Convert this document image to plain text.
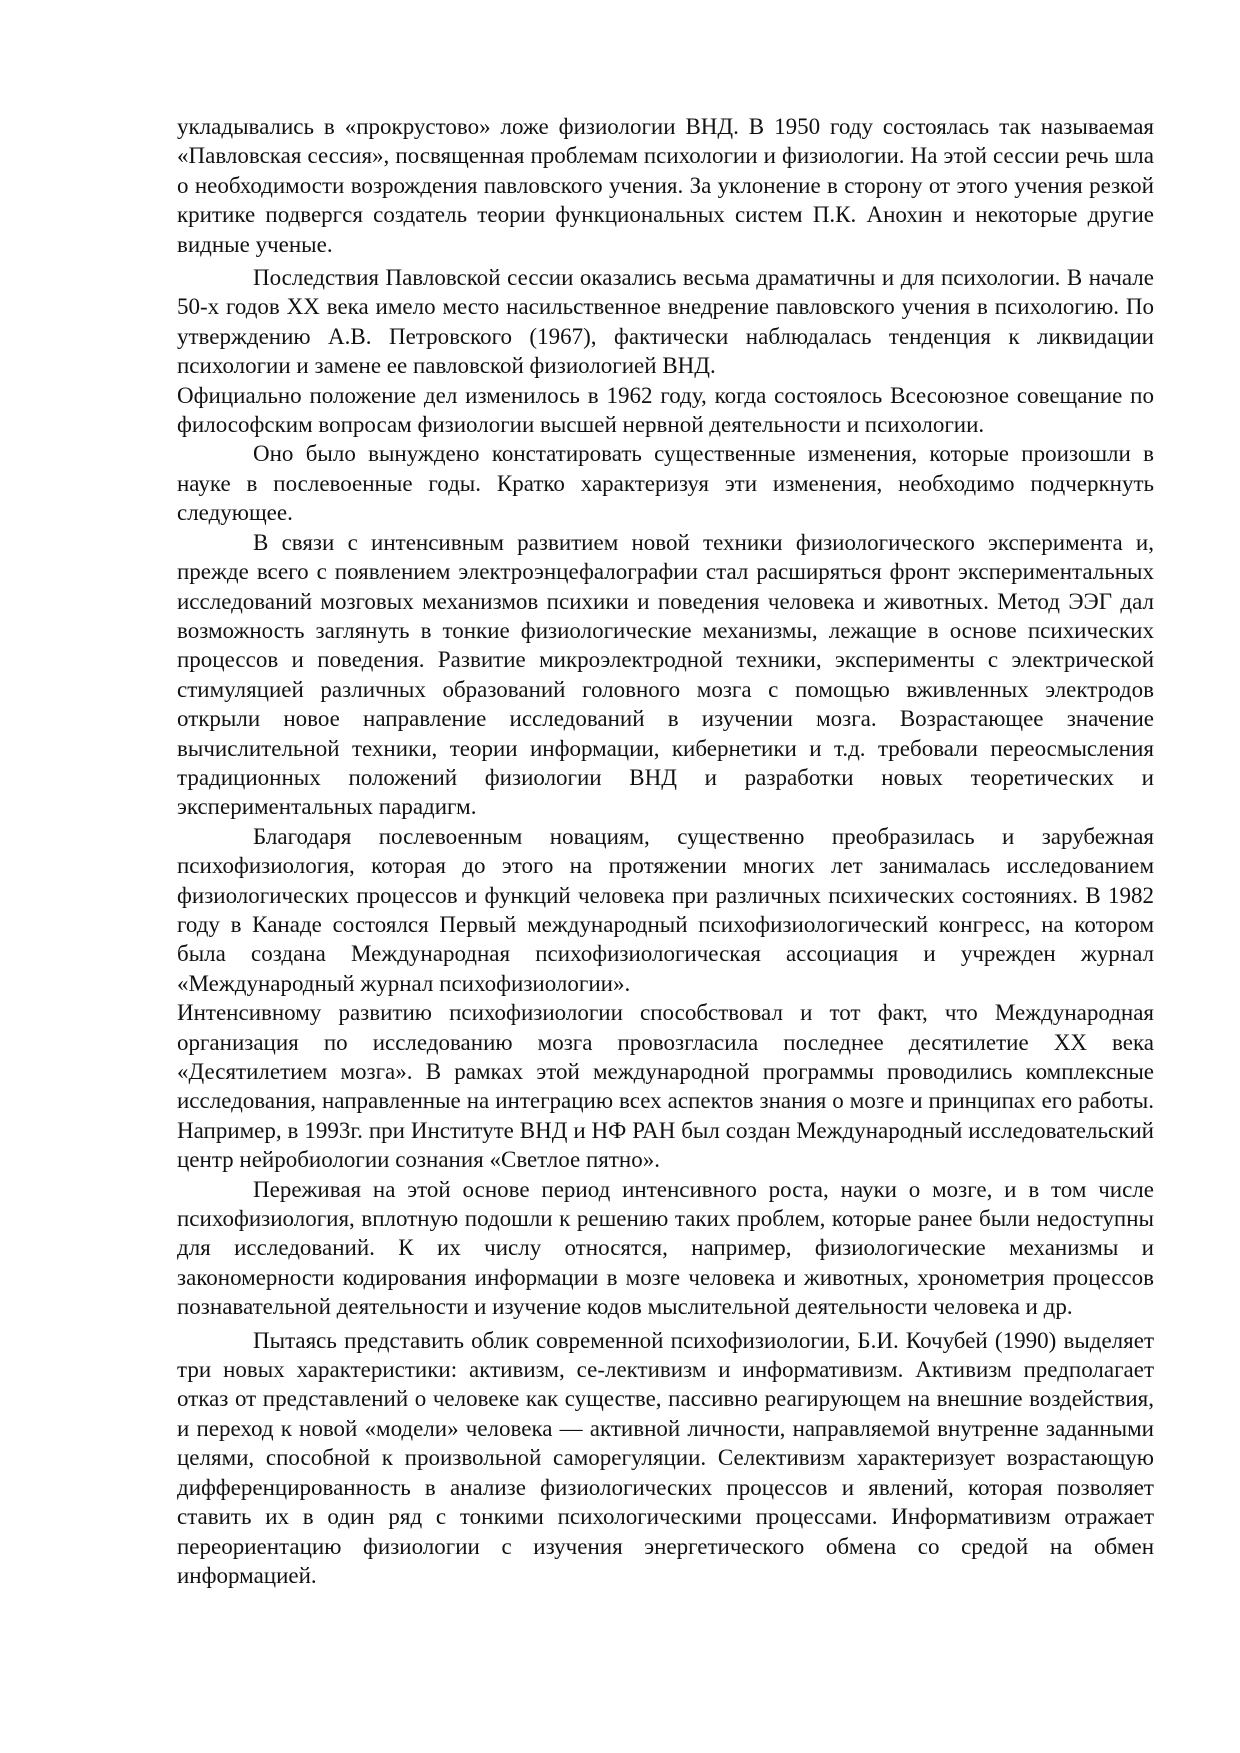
укладывались в «прокрустово» ложе физиологии ВНД. В 1950 году состоялась так называемая «Павловская сессия», посвященная проблемам психологии и физиологии. На этой сессии речь шла о необходимости возрождения павловского учения. За уклонение в сторону от этого учения резкой критике подвергся создатель теории функциональных систем П.К. Анохин и некоторые другие видные ученые.

Последствия Павловской сессии оказались весьма драматичны и для психологии. В начале 50-х годов XX века имело место насильственное внедрение павловского учения в психологию. По утверждению А.В. Петровского (1967), фактически наблюдалась тенденция к ликвидации психологии и замене ее павловской физиологией ВНД.

Официально положение дел изменилось в 1962 году, когда состоялось Всесоюзное совещание по философским вопросам физиологии высшей нервной деятельности и психологии.

Оно было вынуждено констатировать существенные изменения, которые произошли в науке в послевоенные годы. Кратко характеризуя эти изменения, необходимо подчеркнуть следующее.

В связи с интенсивным развитием новой техники физиологического эксперимента и, прежде всего с появлением электроэнцефалографии стал расширяться фронт экспериментальных исследований мозговых механизмов психики и поведения человека и животных. Метод ЭЭГ дал возможность заглянуть в тонкие физиологические механизмы, лежащие в основе психических процессов и поведения. Развитие микроэлектродной техники, эксперименты с электрической стимуляцией различных образований головного мозга с помощью вживленных электродов открыли новое направление исследований в изучении мозга. Возрастающее значение вычислительной техники, теории информации, кибернетики и т.д. требовали переосмысления традиционных положений физиологии ВНД и разработки новых теоретических и экспериментальных парадигм.

Благодаря послевоенным новациям, существенно преобразилась и зарубежная психофизиология, которая до этого на протяжении многих лет занималась исследованием физиологических процессов и функций человека при различных психических состояниях. В 1982 году в Канаде состоялся Первый международный психофизиологический конгресс, на котором была создана Международная психофизиологическая ассоциация и учрежден журнал «Международный журнал психофизиологии».

Интенсивному развитию психофизиологии способствовал и тот факт, что Международная организация по исследованию мозга провозгласила последнее десятилетие XX века «Десятилетием мозга». В рамках этой международной программы проводились комплексные исследования, направленные на интеграцию всех аспектов знания о мозге и принципах его работы. Например, в 1993г. при Институте ВНД и НФ РАН был создан Международный исследовательский центр нейробиологии сознания «Светлое пятно».

Переживая на этой основе период интенсивного роста, науки о мозге, и в том числе психофизиология, вплотную подошли к решению таких проблем, которые ранее были недоступны для исследований. К их числу относятся, например, физиологические механизмы и закономерности кодирования информации в мозге человека и животных, хронометрия процессов познавательной деятельности и изучение кодов мыслительной деятельности человека и др.

Пытаясь представить облик современной психофизиологии, Б.И. Кочубей (1990) выделяет три новых характеристики: активизм, се-лективизм и информативизм. Активизм предполагает отказ от представлений о человеке как существе, пассивно реагирующем на внешние воздействия, и переход к новой «модели» человека — активной личности, направляемой внутренне заданными целями, способной к произвольной саморегуляции. Селективизм характеризует возрастающую дифференцированность в анализе физиологических процессов и явлений, которая позволяет ставить их в один ряд с тонкими психологическими процессами. Информативизм отражает переориентацию физиологии с изучения энергетического обмена со средой на обмен информацией.
